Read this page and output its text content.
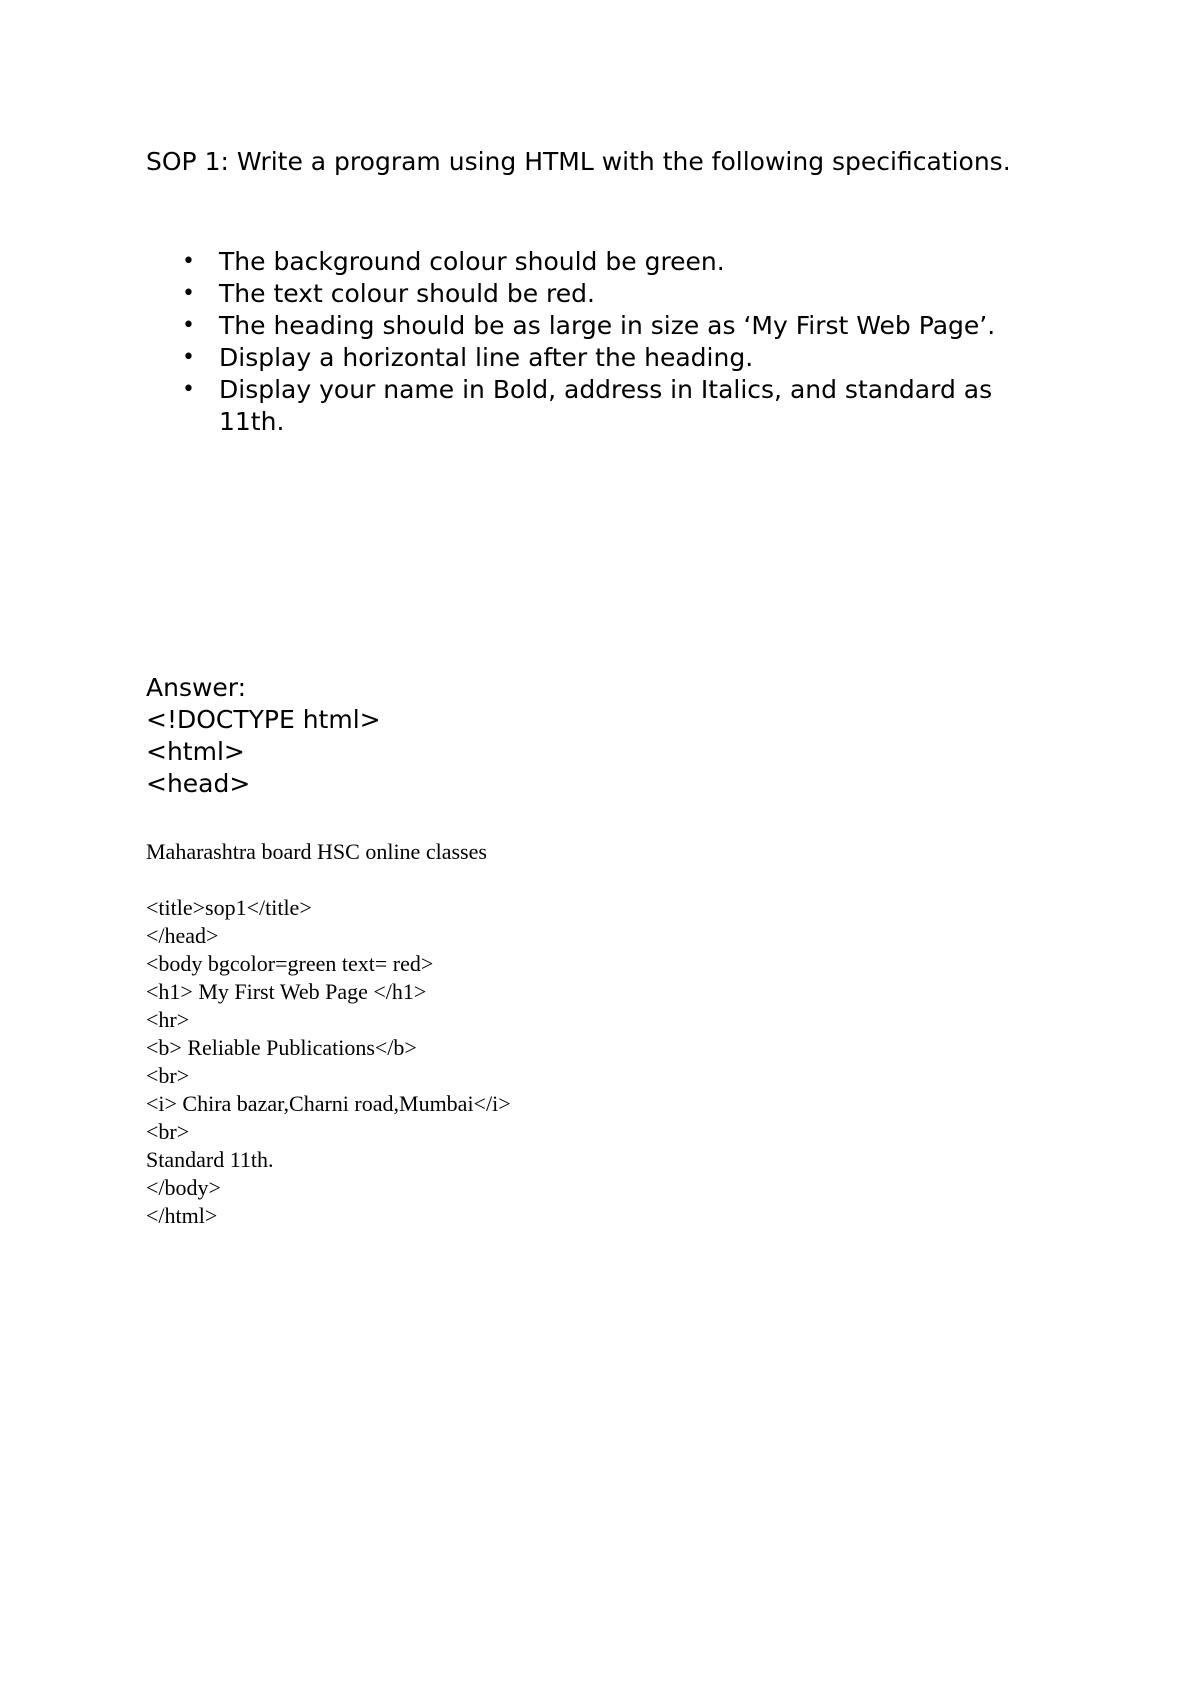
SOP 1: Write a program using HTML with the following specifications.

• The background colour should be green.
• The text colour should be red.
• The heading should be as large in size as ‘My First Web Page’.
• Display a horizontal line after the heading.
• Display your name in Bold, address in Italics, and standard as 11th.
Answer:
<!DOCTYPE html>
<html>
<head>
Maharashtra board HSC online classes
<title>sop1</title>
</head>
<body bgcolor=green text= red>
<h1> My First Web Page </h1>
<hr>
<b> Reliable Publications</b>
<br>
<i> Chira bazar,Charni road,Mumbai</i>
<br>
Standard 11th.
</body>
</html>
